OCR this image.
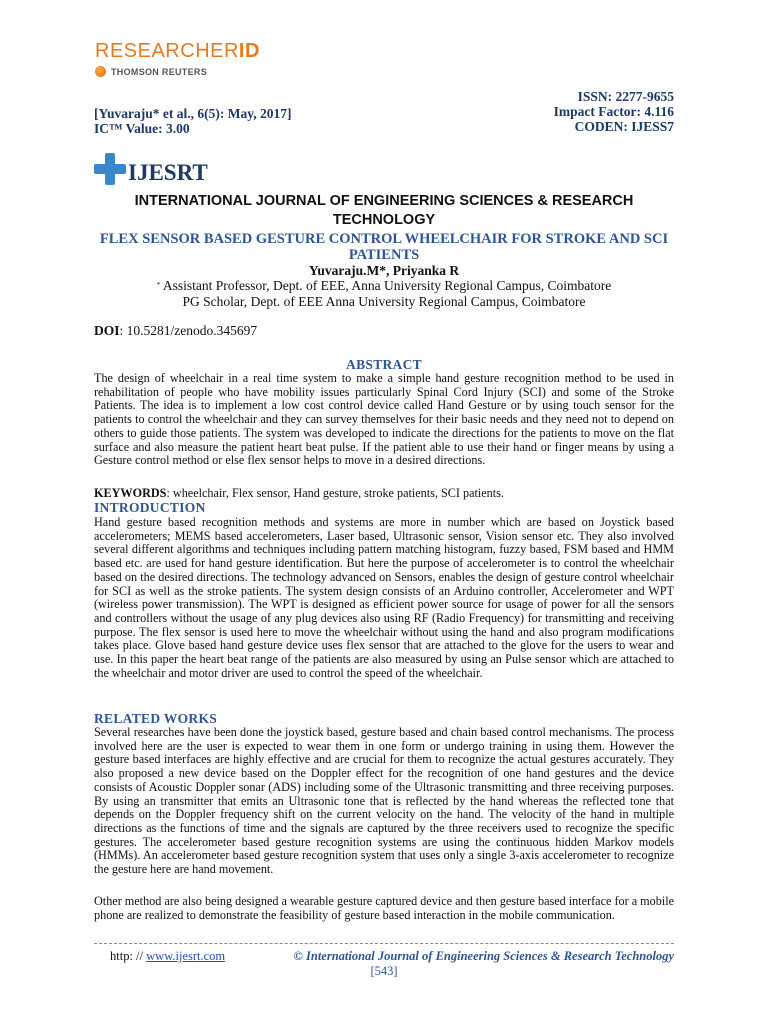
RESEARCHERID
THOMSON REUTERS
[Yuvaraju* et al., 6(5): May, 2017]
IC™ Value: 3.00
ISSN: 2277-9655
Impact Factor: 4.116
CODEN: IJESS7
IJESRT
INTERNATIONAL JOURNAL OF ENGINEERING SCIENCES & RESEARCH TECHNOLOGY
FLEX SENSOR BASED GESTURE CONTROL WHEELCHAIR FOR STROKE AND SCI PATIENTS
Yuvaraju.M*, Priyanka R
* Assistant Professor, Dept. of EEE, Anna University Regional Campus, Coimbatore
PG Scholar, Dept. of EEE Anna University Regional Campus, Coimbatore
DOI: 10.5281/zenodo.345697
ABSTRACT
The design of wheelchair in a real time system to make a simple hand gesture recognition method to be used in rehabilitation of people who have mobility issues particularly Spinal Cord Injury (SCI) and some of the Stroke Patients. The idea is to implement a low cost control device called Hand Gesture or by using touch sensor for the patients to control the wheelchair and they can survey themselves for their basic needs and they need not to depend on others to guide those patients. The system was developed to indicate the directions for the patients to move on the flat surface and also measure the patient heart beat pulse. If the patient able to use their hand or finger means by using a Gesture control method or else flex sensor helps to move in a desired directions.
KEYWORDS: wheelchair, Flex sensor, Hand gesture, stroke patients, SCI patients.
INTRODUCTION
Hand gesture based recognition methods and systems are more in number which are based on Joystick based accelerometers; MEMS based accelerometers, Laser based, Ultrasonic sensor, Vision sensor etc. They also involved several different algorithms and techniques including pattern matching histogram, fuzzy based, FSM based and HMM based etc. are used for hand gesture identification. But here the purpose of accelerometer is to control the wheelchair based on the desired directions. The technology advanced on Sensors, enables the design of gesture control wheelchair for SCI as well as the stroke patients. The system design consists of an Arduino controller, Accelerometer and WPT (wireless power transmission). The WPT is designed as efficient power source for usage of power for all the sensors and controllers without the usage of any plug devices also using RF (Radio Frequency) for transmitting and receiving purpose. The flex sensor is used here to move the wheelchair without using the hand and also program modifications takes place. Glove based hand gesture device uses flex sensor that are attached to the glove for the users to wear and use. In this paper the heart beat range of the patients are also measured by using an Pulse sensor which are attached to the wheelchair and motor driver are used to control the speed of the wheelchair.
RELATED WORKS
Several researches have been done the joystick based, gesture based and chain based control mechanisms. The process involved here are the user is expected to wear them in one form or undergo training in using them. However the gesture based interfaces are highly effective and are crucial for them to recognize the actual gestures accurately. They also proposed a new device based on the Doppler effect for the recognition of one hand gestures and the device consists of Acoustic Doppler sonar (ADS) including some of the Ultrasonic transmitting and three receiving purposes. By using an transmitter that emits an Ultrasonic tone that is reflected by the hand whereas the reflected tone that depends on the Doppler frequency shift on the current velocity on the hand. The velocity of the hand in multiple directions as the functions of time and the signals are captured by the three receivers used to recognize the specific gestures. The accelerometer based gesture recognition systems are using the continuous hidden Markov models (HMMs). An accelerometer based gesture recognition system that uses only a single 3-axis accelerometer to recognize the gesture here are hand movement.
Other method are also being designed a wearable gesture captured device and then gesture based interface for a mobile phone are realized to demonstrate the feasibility of gesture based interaction in the mobile communication.
http: // www.ijesrt.com	© International Journal of Engineering Sciences & Research Technology
[543]
